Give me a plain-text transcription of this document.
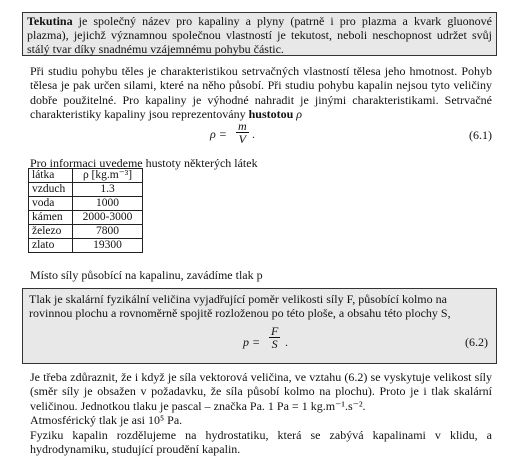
Tekutina je společný název pro kapaliny a plyny (patrně i pro plazma a kvark gluonové plazma), jejichž významnou společnou vlastností je tekutost, neboli neschopnost udržet svůj stálý tvar díky snadnému vzájemnému pohybu částic.
Při studiu pohybu těles je charakteristikou setrvačných vlastností tělesa jeho hmotnost. Pohyb tělesa je pak určen silami, které na něho působí. Při studiu pohybu kapalin nejsou tyto veličiny dobře použitelné. Pro kapaliny je výhodné nahradit je jinými charakteristikami. Setrvačné charakteristiky kapaliny jsou reprezentovány hustotou ρ
$\rho = \frac{m}{V}$ .	(6.1)
Pro informaci uvedeme hustoty některých látek
látka	ρ [kg.m⁻³]
vzduch	1.3
voda	1000
kámen	2000-3000
železo	7800
zlato	19300
Místo síly působící na kapalinu, zavádíme tlak p
Tlak je skalární fyzikální veličina vyjadřující poměr velikosti síly F, působící kolmo na rovinnou plochu a rovnoměrně spojitě rozloženou po této ploše, a obsahu této plochy S,
$p = \frac{F}{S}$ .	(6.2)
Je třeba zdůraznit, že i když je síla vektorová veličina, ve vztahu (6.2) se vyskytuje velikost síly (směr síly je obsažen v požadavku, že síla působí kolmo na plochu). Proto je i tlak skalární veličinou. Jednotkou tlaku je pascal – značka Pa. 1 Pa = 1 kg.m⁻¹.s⁻².
Atmosférický tlak je asi 10⁵ Pa.
Fyziku kapalin rozdělujeme na hydrostatiku, která se zabývá kapalinami v klidu, a hydrodynamiku, studující proudění kapalin.
